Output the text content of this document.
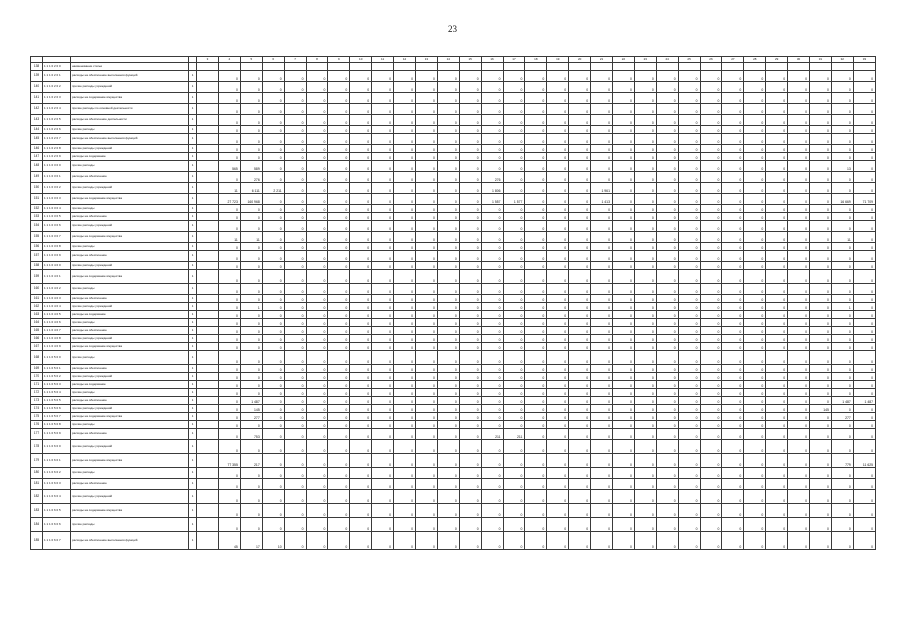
23
				3	4	5	6	7	8	9	10	11	12	13	14	15	16	17	18	19	20	21	22	23	24	25	26	27	28	29	30	31	32	33
138	1 1 1 0 2 0 0	наименование статьи																																
139	1 1 1 0 2 0 1	расходы на обеспечение выполнения функций	1		0	0	0	0	0	0	0	0	0	0	0	0	0	0	0	0	0	0	0	0	0	0	0	0	0	0	0	0	0	0
140	1 1 1 0 2 0 2	прочие расходы учреждений	1		0	0	0	0	0	0	0	0	0	0	0	0	0	0	0	0	0	0	0	0	0	0	0	0	0	0	0	0	0	0
141	1 1 1 0 2 0 3	расходы на содержание имущества	1		0	0	0	0	0	0	0	0	0	0	0	0	0	0	0	0	0	0	0	0	0	0	0	0	0	0	0	0	0	0
142	1 1 1 0 2 0 4	прочие расходы по основной деятельности	1		0	0	0	0	0	0	0	0	0	0	0	0	0	0	0	0	0	0	0	0	0	0	0	0	0	0	0	0	0	0
143	1 1 1 0 2 0 5	расходы на обеспечение деятельности	1		0	0	0	0	0	0	0	0	0	0	0	0	0	0	0	0	0	0	0	0	0	0	0	0	0	0	0	0	0	0
144	1 1 1 0 2 0 6	прочие расходы	1		0	0	0	0	0	0	0	0	0	0	0	0	0	0	0	0	0	0	0	0	0	0	0	0	0	0	0	0	0	0
145	1 1 1 0 2 0 7	расходы на обеспечение выполнения функций	1		0	0	0	0	0	0	0	0	0	0	0	0	0	0	0	0	0	0	0	0	0	0	0	0	0	0	0	0	0	0
146	1 1 1 0 2 0 8	прочие расходы учреждений	1		0	0	0	0	0	0	0	0	0	0	0	0	0	0	0	0	0	0	0	0	0	0	0	0	0	0	0	0	0	0
147	1 1 1 0 2 0 9	расходы на содержание	1		0	0	0	0	0	0	0	0	0	0	0	0	0	0	0	0	0	0	0	0	0	0	0	0	0	0	0	0	0	0
148	1 1 1 0 3 0 0	прочие расходы	1		565	589	0	0	0	0	0	0	0	0	0	0	0	0	0	0	0	0	0	0	0	0	0	0	0	0	0	0	13	0
149	1 1 1 0 3 0 1	расходы на обеспечение	1		0	276	0	0	0	0	0	0	0	0	0	0	276	0	0	0	0	0	0	0	0	0	0	0	0	0	0	0	0	0
150	1 1 1 0 3 0 2	прочие расходы учреждений	1		11	6 111	2 211	0	0	0	0	0	0	0	0	0	1 806	0	0	0	0	1 961	0	0	0	0	0	0	0	0	0	0	0	0
151	1 1 1 0 3 0 3	расходы на содержание имущества	1		27 723	160 968	0	0	0	0	0	0	0	0	0	0	1 557	1 577	0	0	0	1 413	0	0	0	0	0	0	0	0	0	0	16 669	71 709
152	1 1 1 0 3 0 4	прочие расходы	1		0	0	0	0	0	0	0	0	0	0	0	0	0	0	0	0	0	0	0	0	0	0	0	0	0	0	0	0	0	0
153	1 1 1 0 3 0 5	расходы на обеспечение	1		0	0	0	0	0	0	0	0	0	0	0	0	0	0	0	0	0	0	0	0	0	0	0	0	0	0	0	0	0	0
154	1 1 1 0 3 0 6	прочие расходы учреждений	1		0	0	0	0	0	0	0	0	0	0	0	0	0	0	0	0	0	0	0	0	0	0	0	0	0	0	0	0	0	0
155	1 1 1 0 3 0 7	расходы на содержание имущества	1		11	11	0	0	0	0	0	0	0	0	0	0	0	0	0	0	0	0	0	0	0	0	0	0	0	0	0	0	11	0
156	1 1 1 0 3 0 8	прочие расходы	1		0	0	0	0	0	0	0	0	0	0	0	0	0	0	0	0	0	0	0	0	0	0	0	0	0	0	0	0	0	0
157	1 1 1 0 3 0 9	расходы на обеспечение	1		0	0	0	0	0	0	0	0	0	0	0	0	0	0	0	0	0	0	0	0	0	0	0	0	0	0	0	0	0	0
158	1 1 1 0 4 0 0	прочие расходы учреждений	1		0	0	0	0	0	0	0	0	0	0	0	0	0	0	0	0	0	0	0	0	0	0	0	0	0	0	0	0	0	0
159	1 1 1 0 4 0 1	расходы на содержание имущества	1		0	0	0	0	0	0	0	0	0	0	0	0	0	0	0	0	0	0	0	0	0	0	0	0	0	0	0	0	0	0
160	1 1 1 0 4 0 2	прочие расходы	1		0	0	0	0	0	0	0	0	0	0	0	0	0	0	0	0	0	0	0	0	0	0	0	0	0	0	0	0	0	0
161	1 1 1 0 4 0 3	расходы на обеспечение	1		0	0	0	0	0	0	0	0	0	0	0	0	0	0	0	0	0	0	0	0	0	0	0	0	0	0	0	0	0	0
162	1 1 1 0 4 0 4	прочие расходы учреждений	1		0	1	0	0	0	0	0	0	0	0	0	0	0	0	0	0	0	0	0	0	0	0	0	0	0	0	0	0	1	0
163	1 1 1 0 4 0 5	расходы на содержание	1		0	0	0	0	0	0	0	0	0	0	0	0	0	0	0	0	0	0	0	0	0	0	0	0	0	0	0	0	0	0
164	1 1 1 0 4 0 6	прочие расходы	1		0	0	0	0	0	0	0	0	0	0	0	0	0	0	0	0	0	0	0	0	0	0	0	0	0	0	0	0	0	0
165	1 1 1 0 4 0 7	расходы на обеспечение	1		0	0	0	0	0	0	0	0	0	0	0	0	0	0	0	0	0	0	0	0	0	0	0	0	0	0	0	0	0	0
166	1 1 1 0 4 0 8	прочие расходы учреждений	1		0	0	0	0	0	0	0	0	0	0	0	0	0	0	0	0	0	0	0	0	0	0	0	0	0	0	0	0	0	0
167	1 1 1 0 4 0 9	расходы на содержание имущества	1		0	0	0	0	0	0	0	0	0	0	0	0	0	0	0	0	0	0	0	0	0	0	0	0	0	0	0	0	0	0
168	1 1 1 0 5 0 0	прочие расходы	1		0	0	0	0	0	0	0	0	0	0	0	0	0	0	0	0	0	0	0	0	0	0	0	0	0	0	0	0	0	0
169	1 1 1 0 5 0 1	расходы на обеспечение	1		0	0	0	0	0	0	0	0	0	0	0	0	0	0	0	0	0	0	0	0	0	0	0	0	0	0	0	0	0	0
170	1 1 1 0 5 0 2	прочие расходы учреждений	1		0	0	0	0	0	0	0	0	0	0	0	0	0	0	0	0	0	0	0	0	0	0	0	0	0	0	0	0	0	0
171	1 1 1 0 5 0 3	расходы на содержание	1		0	0	0	0	0	0	0	0	0	0	0	0	0	0	0	0	0	0	0	0	0	0	0	0	0	0	0	0	0	0
172	1 1 1 0 5 0 4	прочие расходы	1		0	0	0	0	0	0	0	0	0	0	0	0	0	0	0	0	0	0	0	0	0	0	0	0	0	0	0	0	0	0
173	1 1 1 0 5 0 5	расходы на обеспечение	1		0	1 487	0	0	0	0	0	0	0	0	0	0	0	0	0	0	0	0	0	0	0	0	0	0	0	0	0	0	1 487	1 487
174	1 1 1 0 5 0 6	прочие расходы учреждений	1		0	145	0	0	0	0	0	0	0	0	0	0	0	0	0	0	0	0	0	0	0	0	0	0	0	0	0	145	0	0
175	1 1 1 0 5 0 7	расходы на содержание имущества	1		0	277	0	0	0	0	0	0	0	0	0	0	0	0	0	0	0	0	0	0	0	0	0	0	0	0	0	0	277	0
176	1 1 1 0 5 0 8	прочие расходы	1		0	0	0	0	0	0	0	0	0	0	0	0	0	0	0	0	0	0	0	0	0	0	0	0	0	0	0	0	0	0
177	1 1 1 0 5 0 9	расходы на обеспечение	1		0	753	0	0	0	0	0	0	0	0	0	0	211	211	0	0	0	0	0	0	0	0	0	0	0	0	0	0	0	0
178	1 1 1 0 6 0 0	прочие расходы учреждений	1		0	0	0	0	0	0	0	0	0	0	0	0	0	0	0	0	0	0	0	0	0	0	0	0	0	0	0	0	0	0
179	1 1 1 0 6 0 1	расходы на содержание имущества	1		77 355	217	0	0	0	0	0	0	0	0	0	0	0	0	0	0	0	0	0	0	0	0	0	0	0	0	0	0	779	11 625
180	1 1 1 0 6 0 2	прочие расходы	1		0	0	0	0	0	0	0	0	0	0	0	0	0	0	0	0	0	0	0	0	0	0	0	0	0	0	0	0	0	0
181	1 1 1 0 6 0 3	расходы на обеспечение	1		0	0	0	0	0	0	0	0	0	0	0	0	0	0	0	0	0	0	0	0	0	0	0	0	0	0	0	0	0	0
182	1 1 1 0 6 0 4	прочие расходы учреждений	1		0	0	0	0	0	0	0	0	0	0	0	0	0	0	0	0	0	0	0	0	0	0	0	0	0	0	0	0	0	0
183	1 1 1 0 6 0 5	расходы на содержание имущества	1		0	0	0	0	0	0	0	0	0	0	0	0	0	0	0	0	0	0	0	0	0	0	0	0	0	0	0	0	0	0
184	1 1 1 0 6 0 6	прочие расходы	1		0	0	0	0	0	0	0	0	0	0	0	0	0	0	0	0	0	0	0	0	0	0	0	0	0	0	0	0	0	0
185	1 1 1 0 6 0 7	расходы на обеспечение выполнения функций	1		45	17	10	0	0	0	0	0	0	0	0	0	0	0	0	0	0	0	0	0	0	0	0	0	0	0	0	0	0	0
